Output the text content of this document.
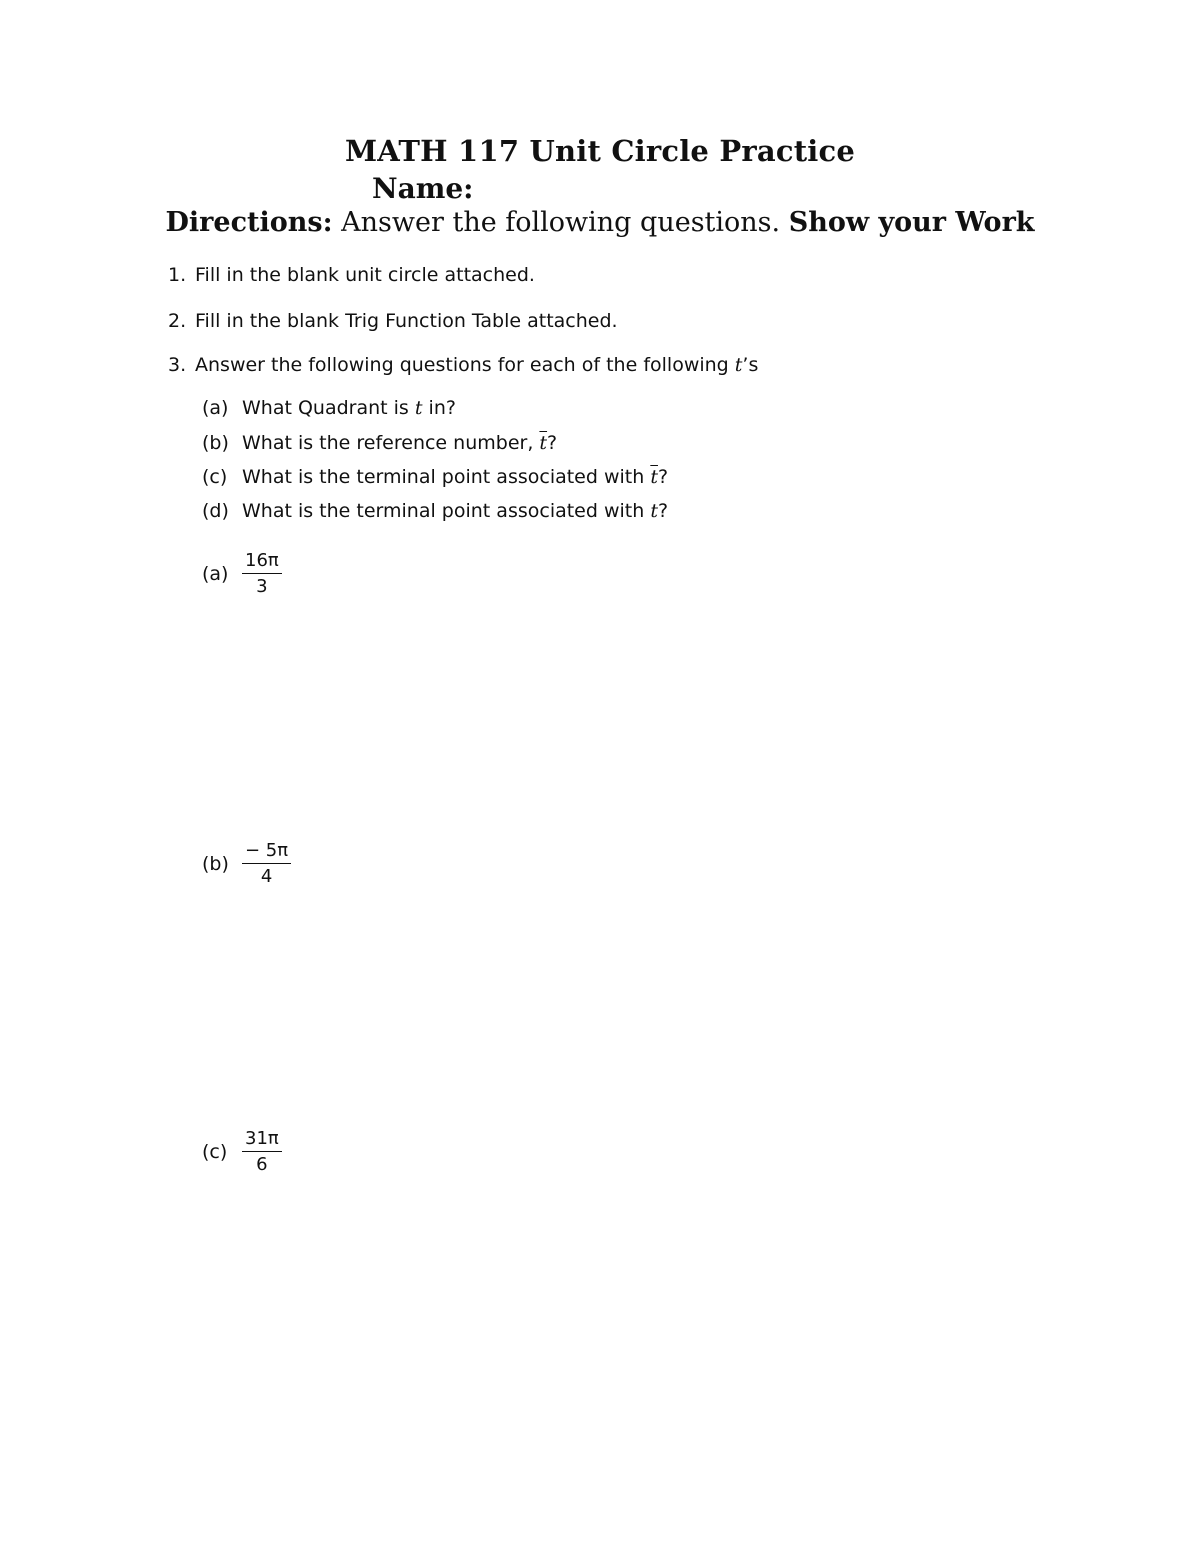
MATH 117 Unit Circle Practice
Name:
Directions: Answer the following questions. Show your Work
1. Fill in the blank unit circle attached.
2. Fill in the blank Trig Function Table attached.
3. Answer the following questions for each of the following t’s
(a) What Quadrant is t in?
(b) What is the reference number, $\overline{t}$?
(c) What is the terminal point associated with $\overline{t}$?
(d) What is the terminal point associated with t?
$(a) \frac{16\pi}{3}$
$(b) \frac{- 5\pi}{4}$
$(c) \frac{31\pi}{6}$
